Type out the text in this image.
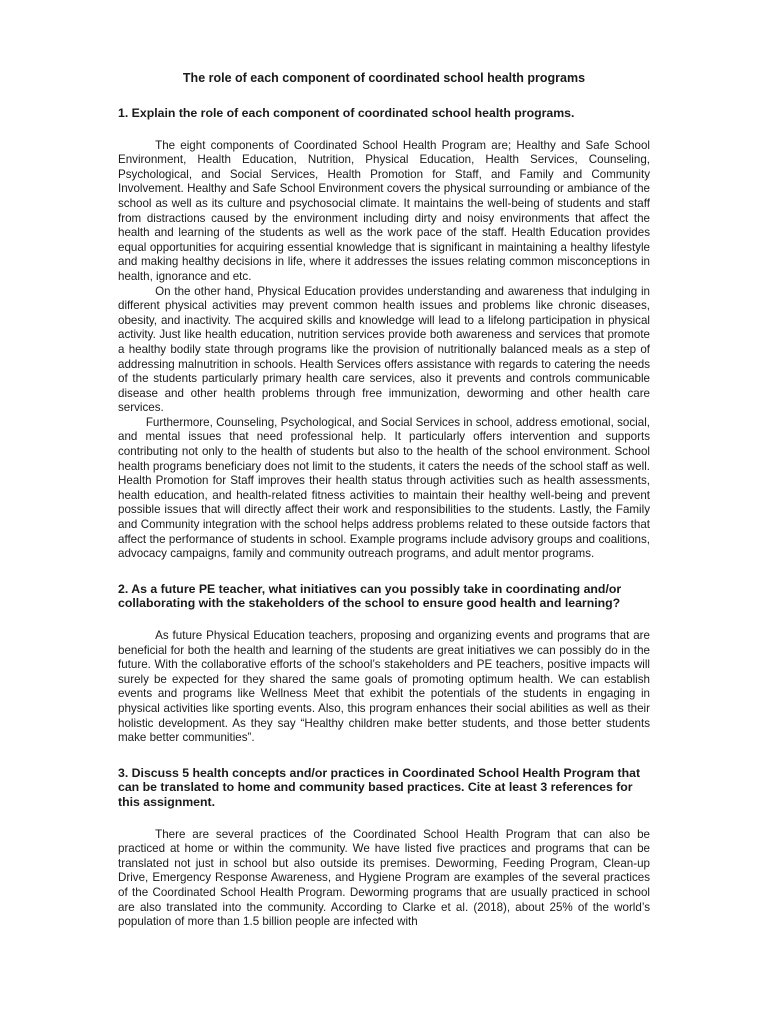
The role of each component of coordinated school health programs

1. Explain the role of each component of coordinated school health programs.

The eight components of Coordinated School Health Program are; Healthy and Safe School Environment, Health Education, Nutrition, Physical Education, Health Services, Counseling, Psychological, and Social Services, Health Promotion for Staff, and Family and Community Involvement. Healthy and Safe School Environment covers the physical surrounding or ambiance of the school as well as its culture and psychosocial climate. It maintains the well-being of students and staff from distractions caused by the environment including dirty and noisy environments that affect the health and learning of the students as well as the work pace of the staff. Health Education provides equal opportunities for acquiring essential knowledge that is significant in maintaining a healthy lifestyle and making healthy decisions in life, where it addresses the issues relating common misconceptions in health, ignorance and etc.

On the other hand, Physical Education provides understanding and awareness that indulging in different physical activities may prevent common health issues and problems like chronic diseases, obesity, and inactivity. The acquired skills and knowledge will lead to a lifelong participation in physical activity. Just like health education, nutrition services provide both awareness and services that promote a healthy bodily state through programs like the provision of nutritionally balanced meals as a step of addressing malnutrition in schools. Health Services offers assistance with regards to catering the needs of the students particularly primary health care services, also it prevents and controls communicable disease and other health problems through free immunization, deworming and other health care services.

Furthermore, Counseling, Psychological, and Social Services in school, address emotional, social, and mental issues that need professional help. It particularly offers intervention and supports contributing not only to the health of students but also to the health of the school environment. School health programs beneficiary does not limit to the students, it caters the needs of the school staff as well. Health Promotion for Staff improves their health status through activities such as health assessments, health education, and health-related fitness activities to maintain their healthy well-being and prevent possible issues that will directly affect their work and responsibilities to the students. Lastly, the Family and Community integration with the school helps address problems related to these outside factors that affect the performance of students in school. Example programs include advisory groups and coalitions, advocacy campaigns, family and community outreach programs, and adult mentor programs.

2. As a future PE teacher, what initiatives can you possibly take in coordinating and/or collaborating with the stakeholders of the school to ensure good health and learning?

As future Physical Education teachers, proposing and organizing events and programs that are beneficial for both the health and learning of the students are great initiatives we can possibly do in the future. With the collaborative efforts of the school’s stakeholders and PE teachers, positive impacts will surely be expected for they shared the same goals of promoting optimum health. We can establish events and programs like Wellness Meet that exhibit the potentials of the students in engaging in physical activities like sporting events. Also, this program enhances their social abilities as well as their holistic development. As they say “Healthy children make better students, and those better students make better communities”.

3. Discuss 5 health concepts and/or practices in Coordinated School Health Program that can be translated to home and community based practices. Cite at least 3 references for this assignment.

There are several practices of the Coordinated School Health Program that can also be practiced at home or within the community. We have listed five practices and programs that can be translated not just in school but also outside its premises. Deworming, Feeding Program, Clean-up Drive, Emergency Response Awareness, and Hygiene Program are examples of the several practices of the Coordinated School Health Program. Deworming programs that are usually practiced in school are also translated into the community. According to Clarke et al. (2018), about 25% of the world’s population of more than 1.5 billion people are infected with
